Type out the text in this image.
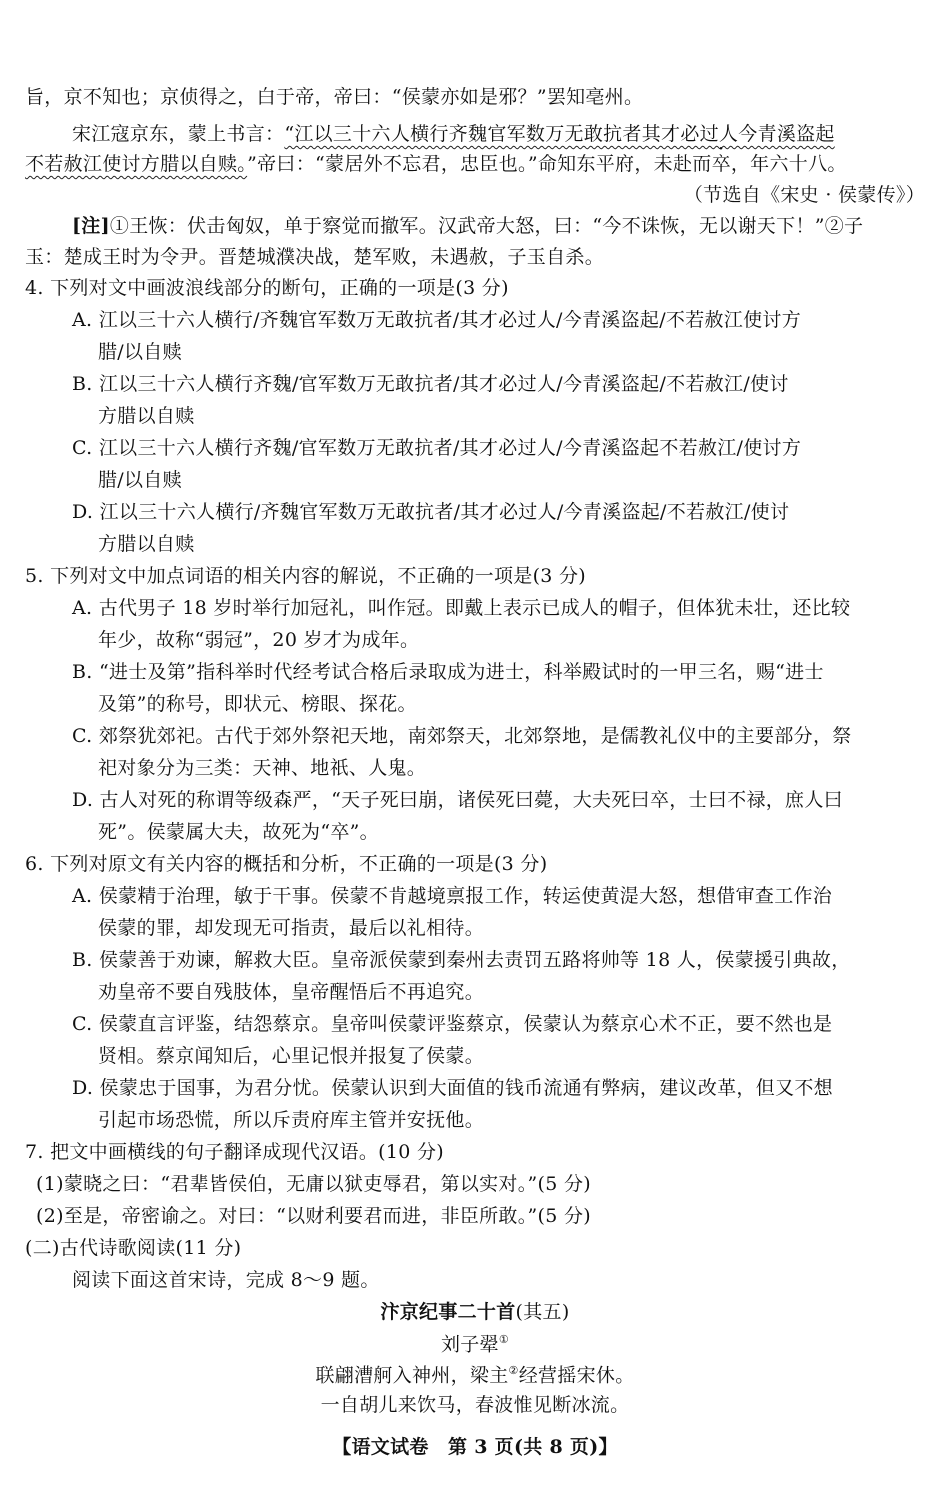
旨，京不知也；京侦得之，白于帝，帝曰：“侯蒙亦如是邪？”罢知亳州。
宋江寇京东，蒙上书言：“江以三十六人横行齐魏官军数万无敢抗者其才必过人今青溪盗起
不若赦江使讨方腊以自赎。”帝曰：“蒙居外不忘君，忠臣也。”命知东平府，未赴而卒，年六十八。
（节选自《宋史 · 侯蒙传》）
[注]①王恢：伏击匈奴，单于察觉而撤军。汉武帝大怒，曰：“今不诛恢，无以谢天下！”②子
玉：楚成王时为令尹。晋楚城濮决战，楚军败，未遇赦，子玉自杀。
4. 下列对文中画波浪线部分的断句，正确的一项是(3 分)
A. 江以三十六人横行/齐魏官军数万无敢抗者/其才必过人/今青溪盗起/不若赦江使讨方
腊/以自赎
B. 江以三十六人横行齐魏/官军数万无敢抗者/其才必过人/今青溪盗起/不若赦江/使讨
方腊以自赎
C. 江以三十六人横行齐魏/官军数万无敢抗者/其才必过人/今青溪盗起不若赦江/使讨方
腊/以自赎
D. 江以三十六人横行/齐魏官军数万无敢抗者/其才必过人/今青溪盗起/不若赦江/使讨
方腊以自赎
5. 下列对文中加点词语的相关内容的解说，不正确的一项是(3 分)
A. 古代男子 18 岁时举行加冠礼，叫作冠。即戴上表示已成人的帽子，但体犹未壮，还比较
年少，故称“弱冠”，20 岁才为成年。
B. “进士及第”指科举时代经考试合格后录取成为进士，科举殿试时的一甲三名，赐“进士
及第”的称号，即状元、榜眼、探花。
C. 郊祭犹郊祀。古代于郊外祭祀天地，南郊祭天，北郊祭地，是儒教礼仪中的主要部分，祭
祀对象分为三类：天神、地祇、人鬼。
D. 古人对死的称谓等级森严，“天子死曰崩，诸侯死曰薨，大夫死曰卒，士曰不禄，庶人曰
死”。侯蒙属大夫，故死为“卒”。
6. 下列对原文有关内容的概括和分析，不正确的一项是(3 分)
A. 侯蒙精于治理，敏于干事。侯蒙不肯越境禀报工作，转运使黄湜大怒，想借审查工作治
侯蒙的罪，却发现无可指责，最后以礼相待。
B. 侯蒙善于劝谏，解救大臣。皇帝派侯蒙到秦州去责罚五路将帅等 18 人，侯蒙援引典故，
劝皇帝不要自残肢体，皇帝醒悟后不再追究。
C. 侯蒙直言评鉴，结怨蔡京。皇帝叫侯蒙评鉴蔡京，侯蒙认为蔡京心术不正，要不然也是
贤相。蔡京闻知后，心里记恨并报复了侯蒙。
D. 侯蒙忠于国事，为君分忧。侯蒙认识到大面值的钱币流通有弊病，建议改革，但又不想
引起市场恐慌，所以斥责府库主管并安抚他。
7. 把文中画横线的句子翻译成现代汉语。(10 分)
(1)蒙晓之曰：“君辈皆侯伯，无庸以狱吏辱君，第以实对。”(5 分)
(2)至是，帝密谕之。对曰：“以财利要君而进，非臣所敢。”(5 分)
(二)古代诗歌阅读(11 分)
阅读下面这首宋诗，完成 8～9 题。
汴京纪事二十首(其五)
刘子翚①
联翩漕舸入神州，梁主②经营摇宋休。
一自胡儿来饮马，春波惟见断冰流。
【语文试卷　第 3 页(共 8 页)】
